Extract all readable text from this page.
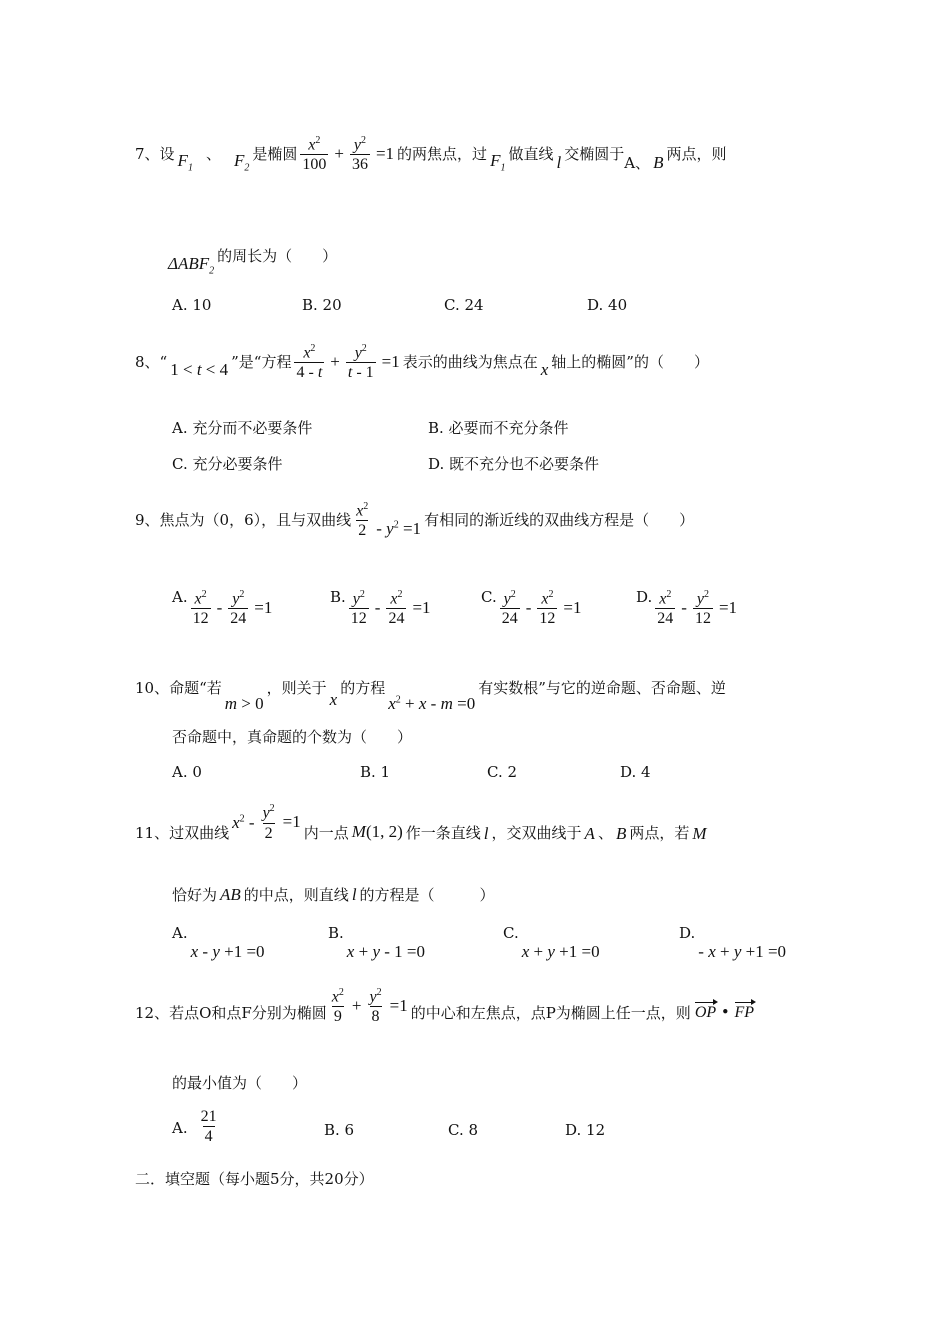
7、设 $F_1$
、 $F_2$
是椭圆 $\frac{x^2}{100} + \frac{y^2}{36} =1$ 的两焦点，过 $F_1$
做直线 l 交椭圆于 A、 B 两点，则
$\Delta ABF_2$
的周长为（　　）
A. 10	B. 20	C. 24	D. 40
8、“ 1 < t < 4 ”是“方程 $\frac{x^2}{4 - t} + \frac{y^2}{t - 1} =1$ 表示的曲线为焦点在 x 轴上的椭圆”的（　　）
A. 充分而不必要条件	B. 必要而不充分条件
C. 充分必要条件	D. 既不充分也不必要条件
9、焦点为（0，6），且与双曲线 $\frac{x^2}{2} - y^2 =1$ 有相同的渐近线的双曲线方程是（　　）
A. $\frac{x^2}{12} - \frac{y^2}{24} =1$
B. $\frac{y^2}{12} - \frac{x^2}{24} =1$
C. $\frac{y^2}{24} - \frac{x^2}{12} =1$
D. $\frac{x^2}{24} - \frac{y^2}{12} =1$
10、命题“若
m > 0
，则关于
x
的方程
$x^2 + x - m =0$
有实数根”与它的逆命题、否命题、逆
否命题中，真命题的个数为（　　）
A. 0	B. 1	C. 2	D. 4
11、过双曲线
$x^2 - \frac{y^2}{2} =1$
内一点 M(1, 2) 作一条直线 l ，交双曲线于 A 、 B 两点，若 M
恰好为 AB 的中点，则直线 l 的方程是（　　　）
A.
x - y +1 =0
B.
x + y - 1 =0
C.
x + y +1 =0
D.
- x + y +1 =0
12、若点O和点F分别为椭圆 $\frac{x^2}{9} + \frac{y^2}{8} =1$ 的中心和左焦点，点P为椭圆上任一点，则 OP • FP
的最小值为（　　）
A. $\frac{21}{4}$	B. 6	C. 8	D. 12
二．填空题（每小题5分，共20分）
